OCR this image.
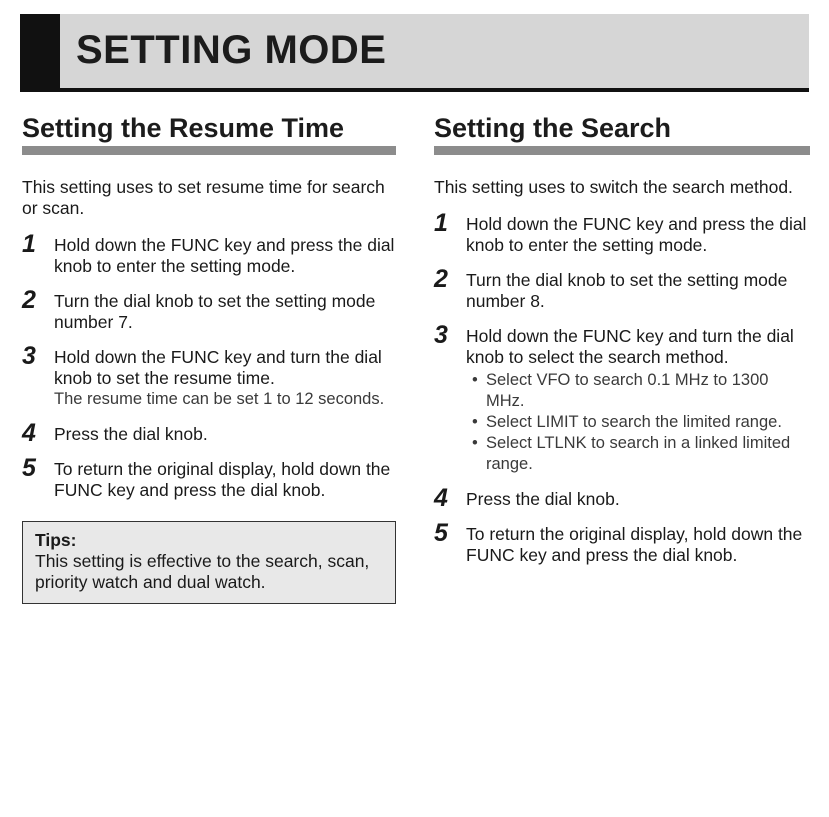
SETTING MODE
Setting the Resume Time

This setting uses to set resume time for search or scan.

1 Hold down the FUNC key and press the dial knob to enter the setting mode.
2 Turn the dial knob to set the setting mode number 7.
3 Hold down the FUNC key and turn the dial knob to set the resume time.
The resume time can be set 1 to 12 seconds.
4 Press the dial knob.
5 To return the original display, hold down the FUNC key and press the dial knob.
Tips:
This setting is effective to the search, scan, priority watch and dual watch.
Setting the Search

This setting uses to switch the search method.

1 Hold down the FUNC key and press the dial knob to enter the setting mode.
2 Turn the dial knob to set the setting mode number 8.
3 Hold down the FUNC key and turn the dial knob to select the search method.
• Select VFO to search 0.1 MHz to 1300 MHz.
• Select LIMIT to search the limited range.
• Select LTLNK to search in a linked limited range.
4 Press the dial knob.
5 To return the original display, hold down the FUNC key and press the dial knob.
